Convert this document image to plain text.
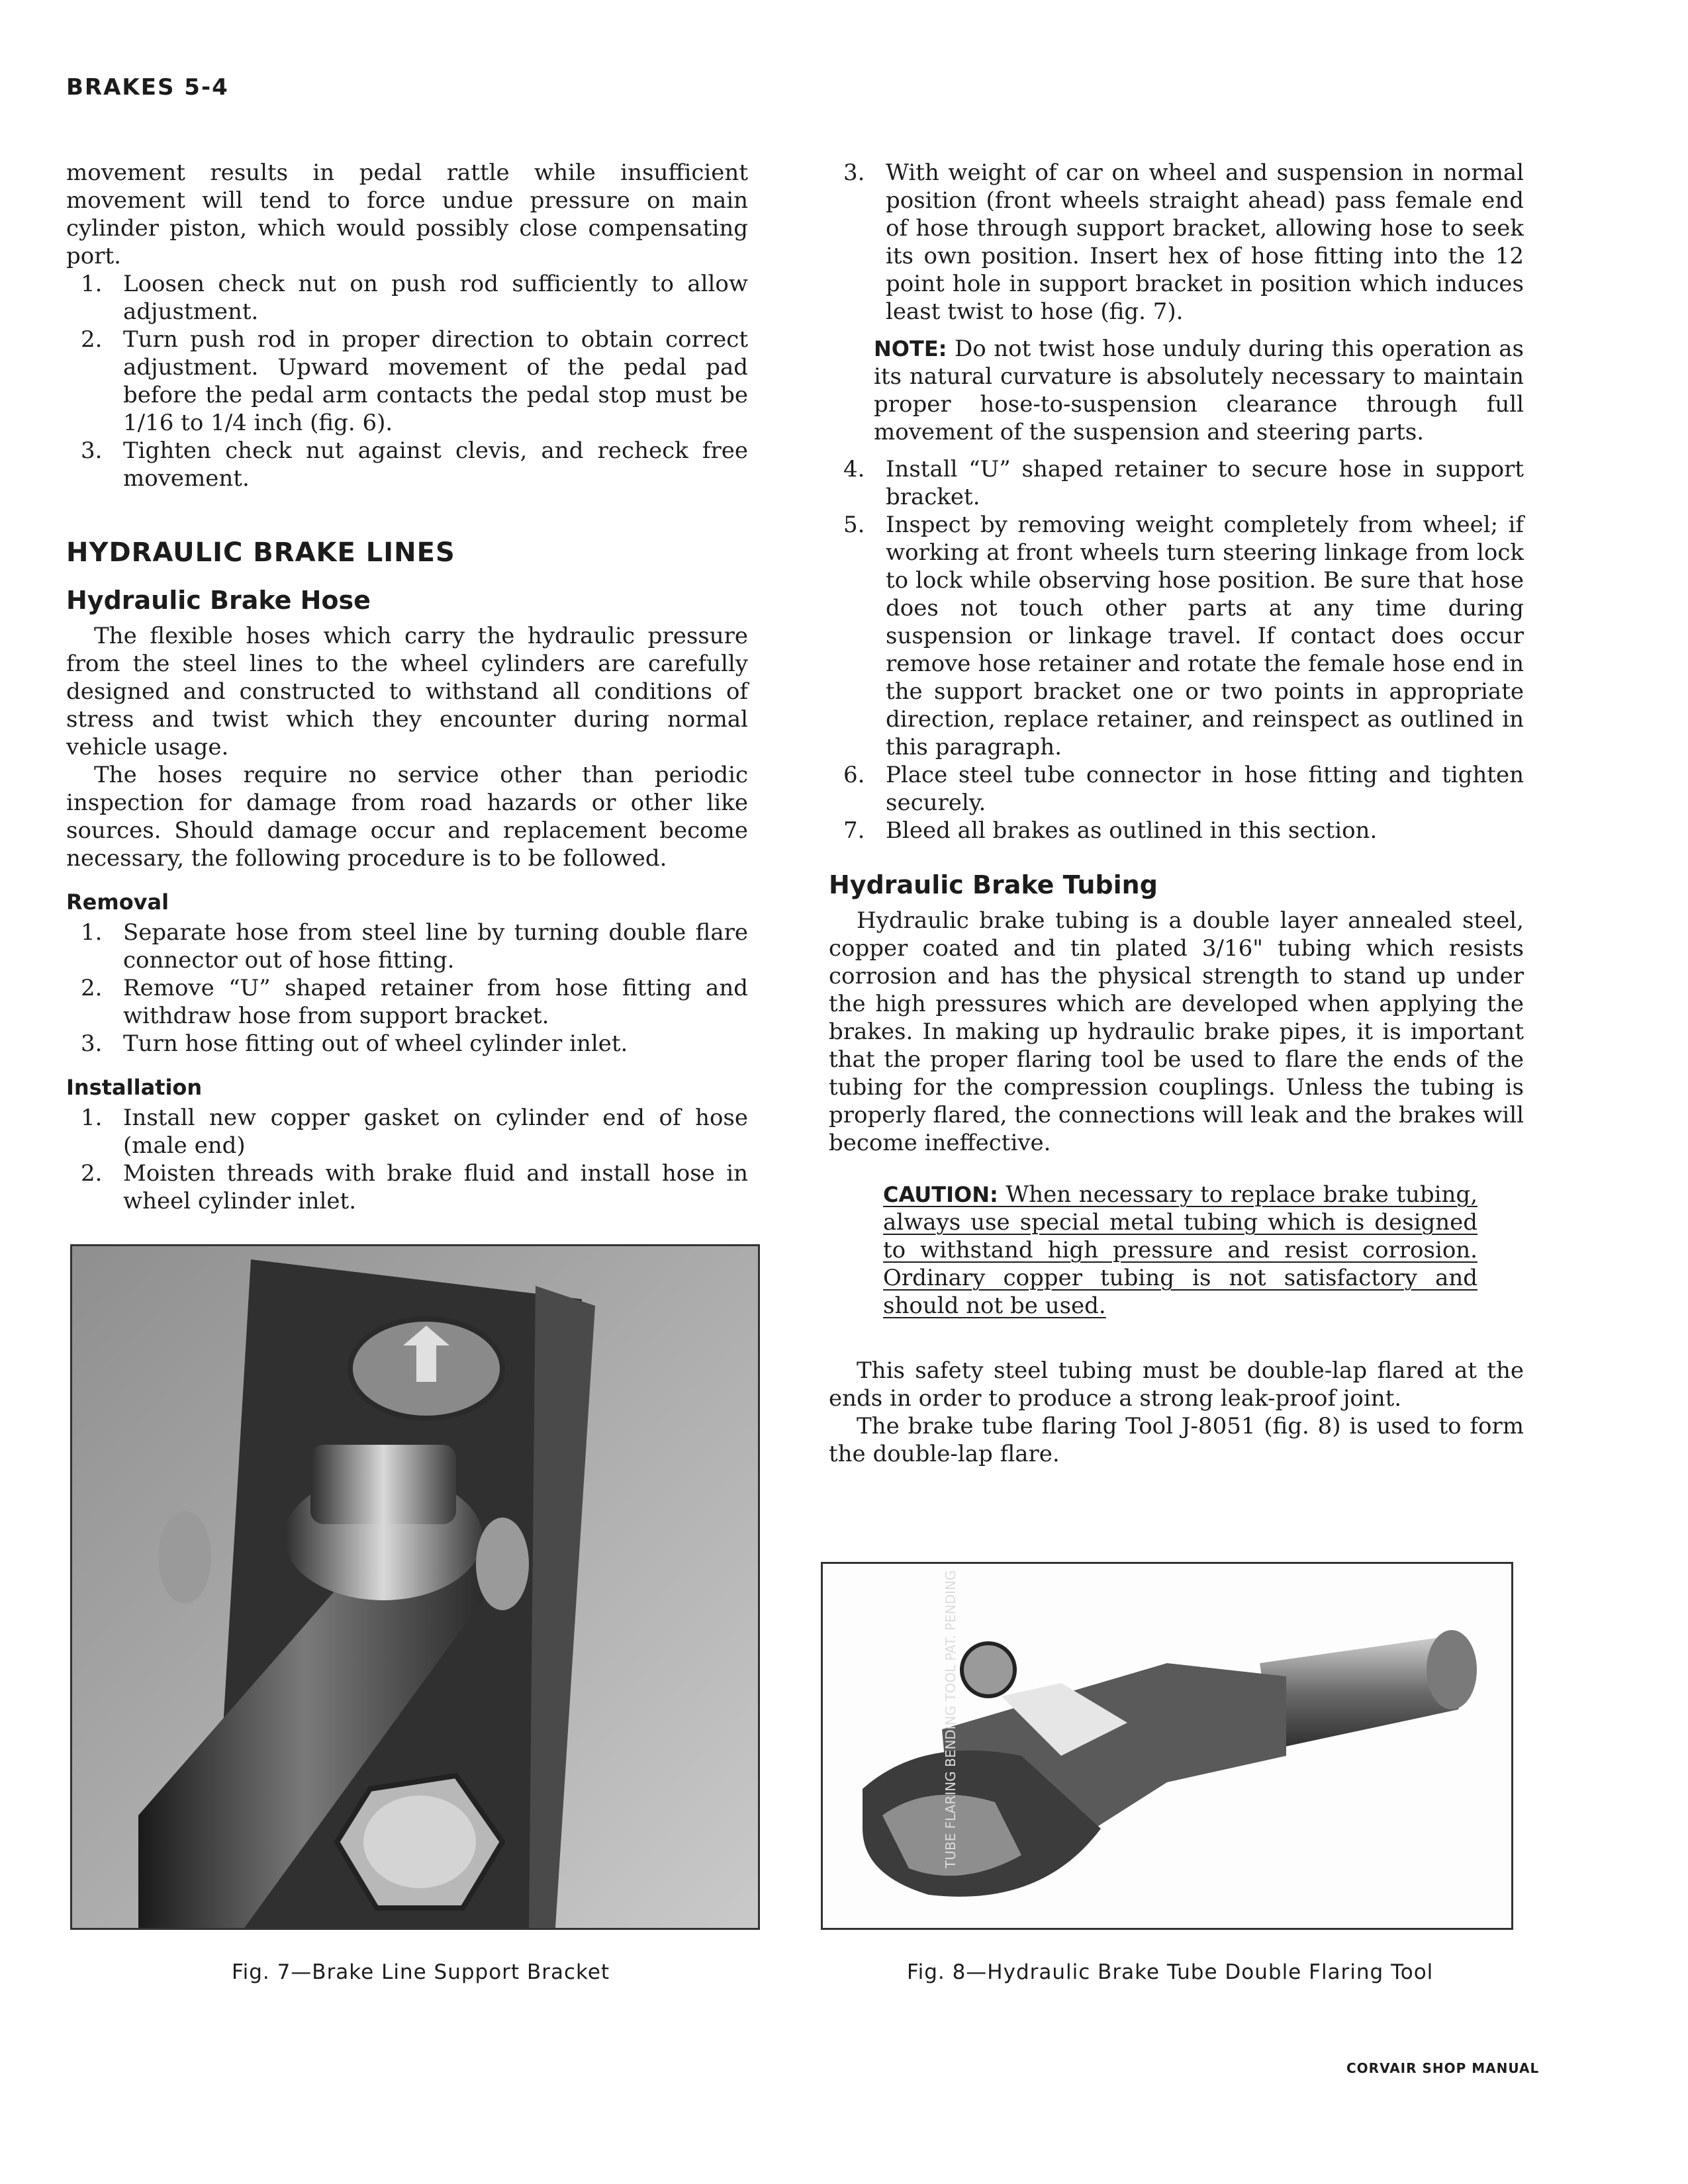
BRAKES 5-4

movement results in pedal rattle while insufficient movement will tend to force undue pressure on main cylinder piston, which would possibly close compensating port.

1. Loosen check nut on push rod sufficiently to allow adjustment.
2. Turn push rod in proper direction to obtain correct adjustment. Upward movement of the pedal pad before the pedal arm contacts the pedal stop must be 1/16 to 1/4 inch (fig. 6).
3. Tighten check nut against clevis, and recheck free movement.
HYDRAULIC BRAKE LINES
Hydraulic Brake Hose

The flexible hoses which carry the hydraulic pressure from the steel lines to the wheel cylinders are carefully designed and constructed to withstand all conditions of stress and twist which they encounter during normal vehicle usage.

The hoses require no service other than periodic inspection for damage from road hazards or other like sources. Should damage occur and replacement become necessary, the following procedure is to be followed.

Removal
1. Separate hose from steel line by turning double flare connector out of hose fitting.
2. Remove “U” shaped retainer from hose fitting and withdraw hose from support bracket.
3. Turn hose fitting out of wheel cylinder inlet.
Installation
1. Install new copper gasket on cylinder end of hose (male end)
2. Moisten threads with brake fluid and install hose in wheel cylinder inlet.
3. With weight of car on wheel and suspension in normal position (front wheels straight ahead) pass female end of hose through support bracket, allowing hose to seek its own position. Insert hex of hose fitting into the 12 point hole in support bracket in position which induces least twist to hose (fig. 7).

NOTE: Do not twist hose unduly during this operation as its natural curvature is absolutely necessary to maintain proper hose-to-suspension clearance through full movement of the suspension and steering parts.

4. Install “U” shaped retainer to secure hose in support bracket.
5. Inspect by removing weight completely from wheel; if working at front wheels turn steering linkage from lock to lock while observing hose position. Be sure that hose does not touch other parts at any time during suspension or linkage travel. If contact does occur remove hose retainer and rotate the female hose end in the support bracket one or two points in appropriate direction, replace retainer, and reinspect as outlined in this paragraph.
6. Place steel tube connector in hose fitting and tighten securely.
7. Bleed all brakes as outlined in this section.
Hydraulic Brake Tubing

Hydraulic brake tubing is a double layer annealed steel, copper coated and tin plated 3/16" tubing which resists corrosion and has the physical strength to stand up under the high pressures which are developed when applying the brakes. In making up hydraulic brake pipes, it is important that the proper flaring tool be used to flare the ends of the tubing for the compression couplings. Unless the tubing is properly flared, the connections will leak and the brakes will become ineffective.

CAUTION: When necessary to replace brake tubing, always use special metal tubing which is designed to withstand high pressure and resist corrosion. Ordinary copper tubing is not satisfactory and should not be used.

This safety steel tubing must be double-lap flared at the ends in order to produce a strong leak-proof joint.

The brake tube flaring Tool J-8051 (fig. 8) is used to form the double-lap flare.

Fig. 7—Brake Line Support Bracket
TUBE FLARING BENDING TOOL PAT. PENDING
Fig. 8—Hydraulic Brake Tube Double Flaring Tool
CORVAIR SHOP MANUAL
